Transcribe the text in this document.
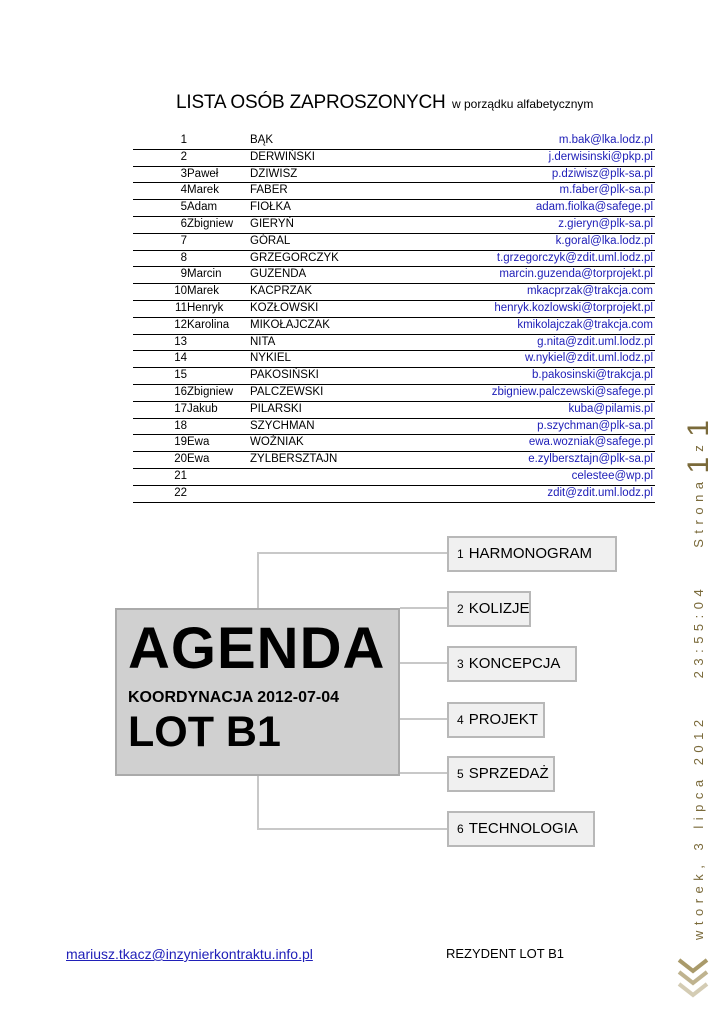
LISTA OSÓB ZAPROSZONYCH w porządku alfabetycznym
1	BĄK	m.bak@lka.lodz.pl
2	DERWIŃSKI	j.derwisinski@pkp.pl
3 Paweł	DZIWISZ	p.dziwisz@plk-sa.pl
4 Marek	FABER	m.faber@plk-sa.pl
5 Adam	FIOŁKA	adam.fiolka@safege.pl
6 Zbigniew GIERYŃ	z.gieryn@plk-sa.pl
7	GÓRAL	k.goral@lka.lodz.pl
8	GRZEGORCZYK	t.grzegorczyk@zdit.uml.lodz.pl
9 Marcin GUZENDA	marcin.guzenda@torprojekt.pl
10 Marek	KACPRZAK	mkacprzak@trakcja.com
11 Henryk KOZŁOWSKI	henryk.kozlowski@torprojekt.pl
12 Karolina MIKOŁAJCZAK	kmikolajczak@trakcja.com
13	NITA	g.nita@zdit.uml.lodz.pl
14	NYKIEL	w.nykiel@zdit.uml.lodz.pl
15	PAKOSIŃSKI	b.pakosinski@trakcja.pl
16 Zbigniew PALCZEWSKI	zbigniew.palczewski@safege.pl
17 Jakub	PILARSKI	kuba@pilamis.pl
18	SZYCHMAN	p.szychman@plk-sa.pl
19 Ewa	WOŹNIAK	ewa.wozniak@safege.pl
20 Ewa	ZYLBERSZTAJN	e.zylbersztajn@plk-sa.pl
21	celestee@wp.pl
22	zdit@zdit.uml.lodz.pl
AGENDA
KOORDYNACJA 2012-07-04
LOT B1
1 HARMONOGRAM
2 KOLIZJE
3 KONCEPCJA
4 PROJEKT
5 SPRZEDAŻ
6 TECHNOLOGIA	wtorek, 3 lipca 201223:55:04Strona1z1
mariusz.tkacz@inzynierkontraktu.info.pl	REZYDENT LOT B1
